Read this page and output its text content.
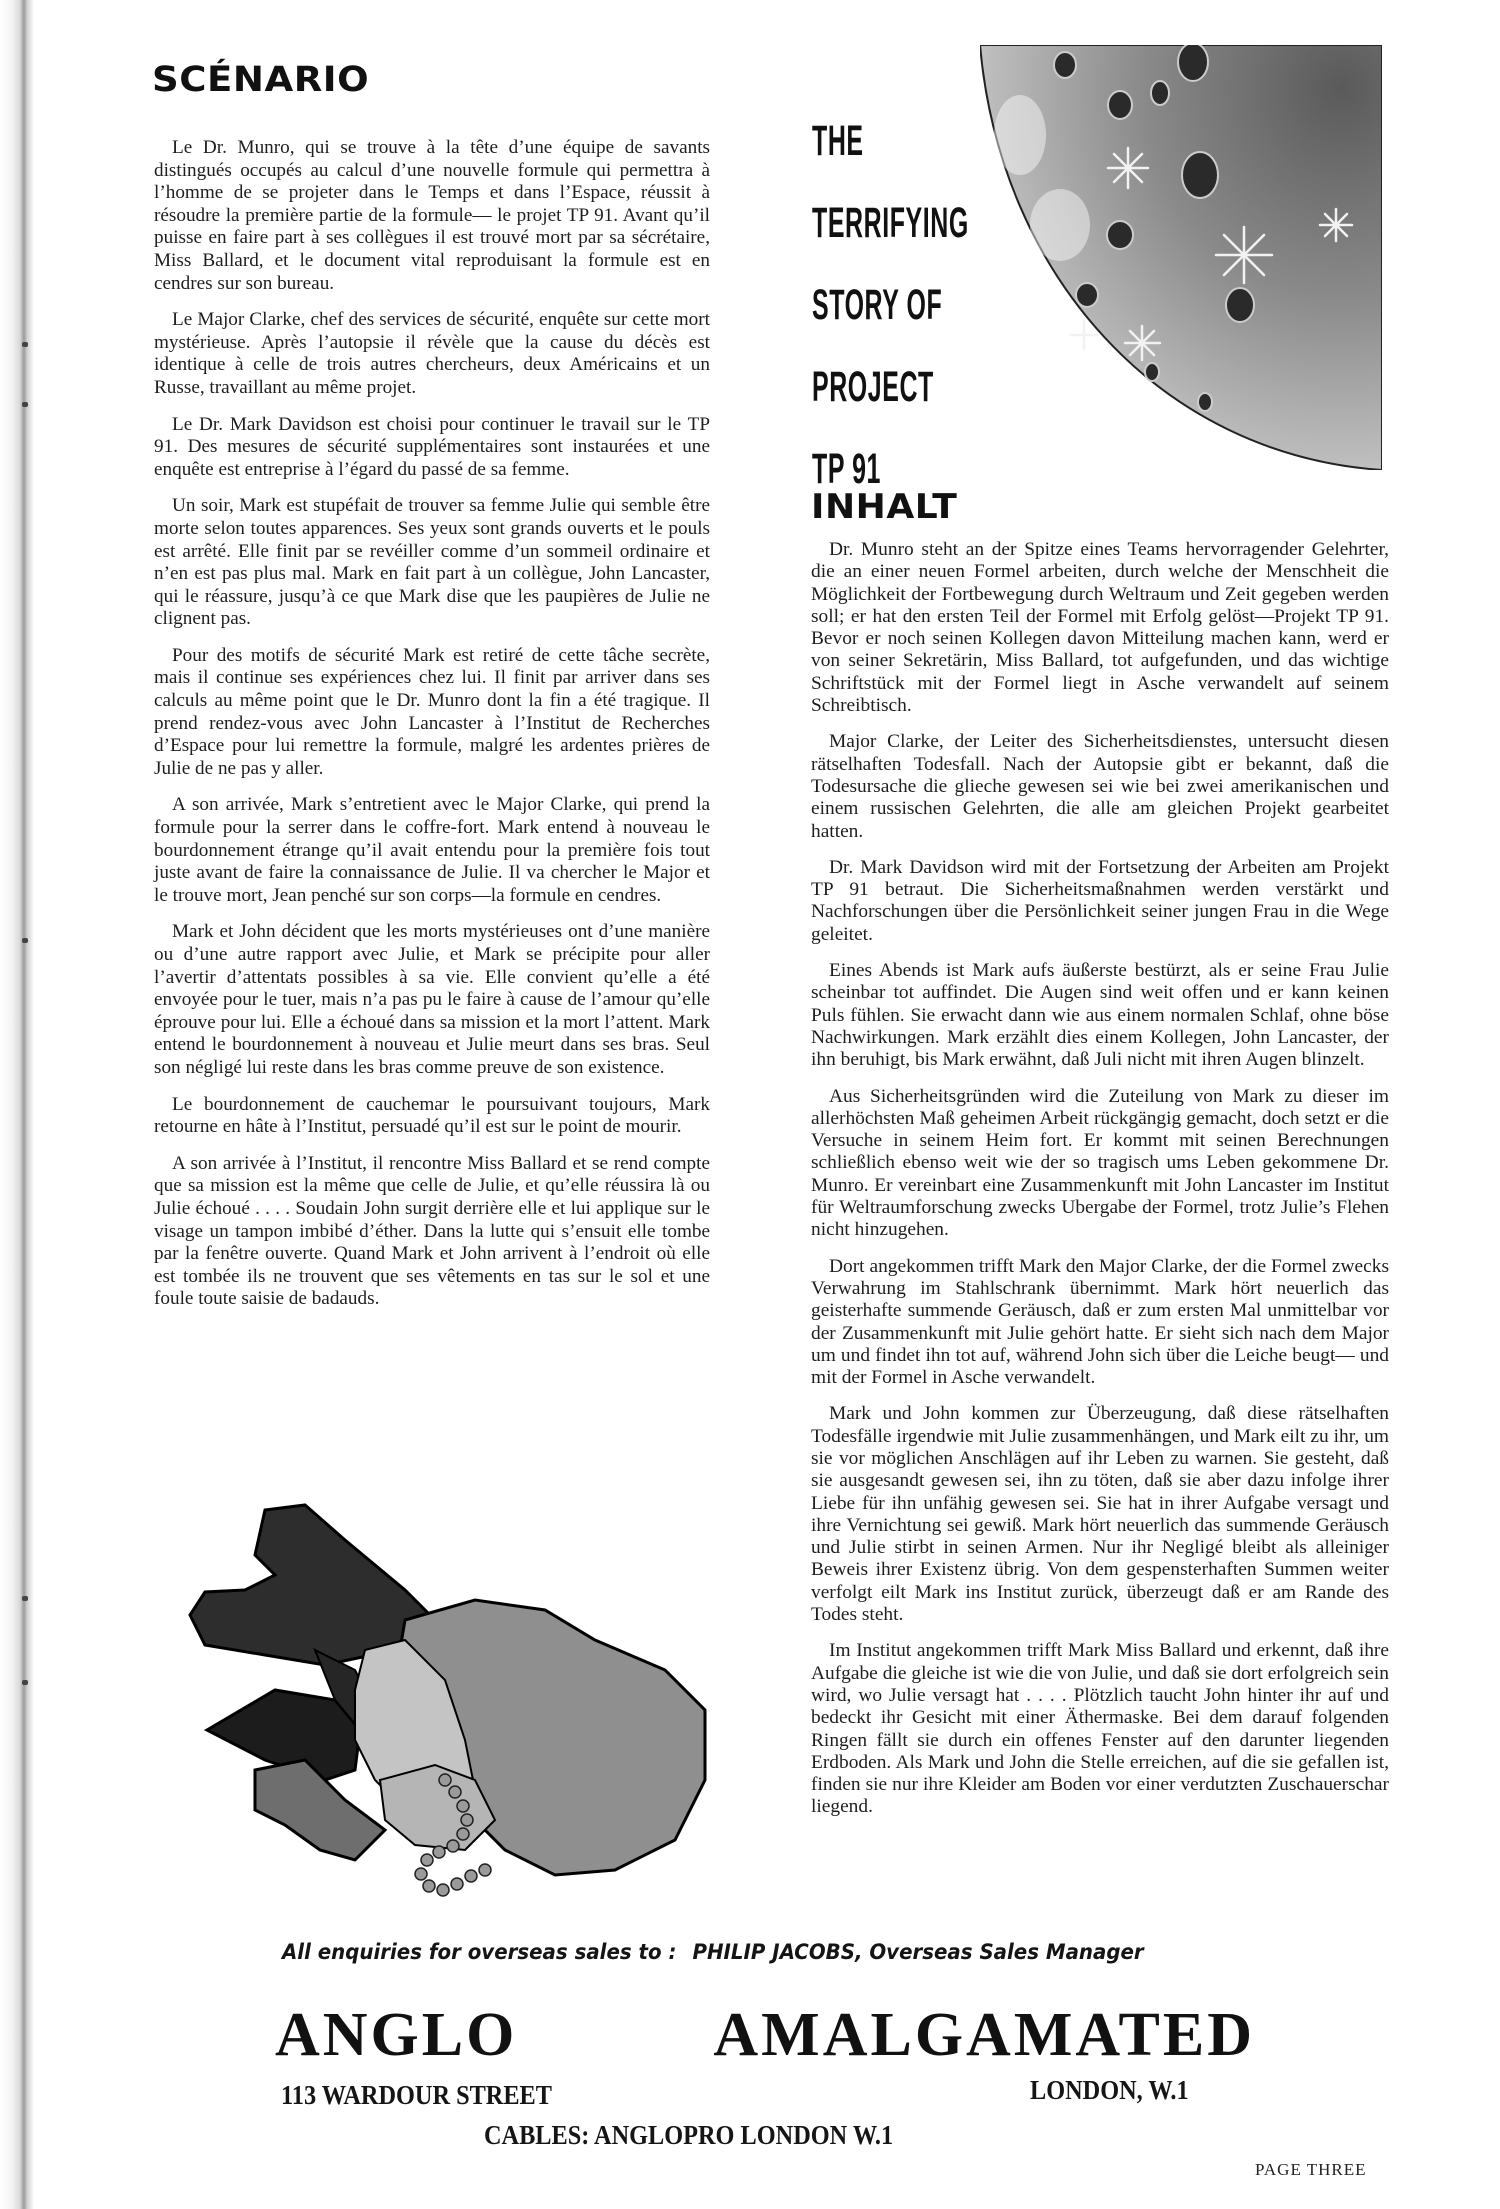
SCÉNARIO

Le Dr. Munro, qui se trouve à la tête d’une équipe de savants distingués occupés au calcul d’une nouvelle formule qui permettra à l’homme de se projeter dans le Temps et dans l’Espace, réussit à résoudre la première partie de la formule— le projet TP 91. Avant qu’il puisse en faire part à ses collègues il est trouvé mort par sa sécrétaire, Miss Ballard, et le document vital reproduisant la formule est en cendres sur son bureau.

Le Major Clarke, chef des services de sécurité, enquête sur cette mort mystérieuse. Après l’autopsie il révèle que la cause du décès est identique à celle de trois autres chercheurs, deux Américains et un Russe, travaillant au même projet.

Le Dr. Mark Davidson est choisi pour continuer le travail sur le TP 91. Des mesures de sécurité supplémentaires sont instaurées et une enquête est entreprise à l’égard du passé de sa femme.

Un soir, Mark est stupéfait de trouver sa femme Julie qui semble être morte selon toutes apparences. Ses yeux sont grands ouverts et le pouls est arrêté. Elle finit par se revéiller comme d’un sommeil ordinaire et n’en est pas plus mal. Mark en fait part à un collègue, John Lancaster, qui le réassure, jusqu’à ce que Mark dise que les paupières de Julie ne clignent pas.

Pour des motifs de sécurité Mark est retiré de cette tâche secrète, mais il continue ses expériences chez lui. Il finit par arriver dans ses calculs au même point que le Dr. Munro dont la fin a été tragique. Il prend rendez-vous avec John Lancaster à l’Institut de Recherches d’Espace pour lui remettre la formule, malgré les ardentes prières de Julie de ne pas y aller.

A son arrivée, Mark s’entretient avec le Major Clarke, qui prend la formule pour la serrer dans le coffre-fort. Mark entend à nouveau le bourdonnement étrange qu’il avait entendu pour la première fois tout juste avant de faire la connaissance de Julie. Il va chercher le Major et le trouve mort, Jean penché sur son corps—la formule en cendres.

Mark et John décident que les morts mystérieuses ont d’une manière ou d’une autre rapport avec Julie, et Mark se précipite pour aller l’avertir d’attentats possibles à sa vie. Elle convient qu’elle a été envoyée pour le tuer, mais n’a pas pu le faire à cause de l’amour qu’elle éprouve pour lui. Elle a échoué dans sa mission et la mort l’attent. Mark entend le bourdonnement à nouveau et Julie meurt dans ses bras. Seul son négligé lui reste dans les bras comme preuve de son existence.

Le bourdonnement de cauchemar le poursuivant toujours, Mark retourne en hâte à l’Institut, persuadé qu’il est sur le point de mourir.

A son arrivée à l’Institut, il rencontre Miss Ballard et se rend compte que sa mission est la même que celle de Julie, et qu’elle réussira là ou Julie échoué . . . . Soudain John surgit derrière elle et lui applique sur le visage un tampon imbibé d’éther. Dans la lutte qui s’ensuit elle tombe par la fenêtre ouverte. Quand Mark et John arrivent à l’endroit où elle est tombée ils ne trouvent que ses vêtements en tas sur le sol et une foule toute saisie de badauds.

THE
TERRIFYING
STORY OF
PROJECT
TP 91
INHALT

Dr. Munro steht an der Spitze eines Teams hervorragender Gelehrter, die an einer neuen Formel arbeiten, durch welche der Menschheit die Möglichkeit der Fortbewegung durch Weltraum und Zeit gegeben werden soll; er hat den ersten Teil der Formel mit Erfolg gelöst—Projekt TP 91. Bevor er noch seinen Kollegen davon Mitteilung machen kann, werd er von seiner Sekretärin, Miss Ballard, tot aufgefunden, und das wichtige Schriftstück mit der Formel liegt in Asche verwandelt auf seinem Schreibtisch.

Major Clarke, der Leiter des Sicherheitsdienstes, untersucht diesen rätselhaften Todesfall. Nach der Autopsie gibt er bekannt, daß die Todesursache die glieche gewesen sei wie bei zwei amerikanischen und einem russischen Gelehrten, die alle am gleichen Projekt gearbeitet hatten.

Dr. Mark Davidson wird mit der Fortsetzung der Arbeiten am Projekt TP 91 betraut. Die Sicherheitsmaßnahmen werden verstärkt und Nachforschungen über die Persönlichkeit seiner jungen Frau in die Wege geleitet.

Eines Abends ist Mark aufs äußerste bestürzt, als er seine Frau Julie scheinbar tot auffindet. Die Augen sind weit offen und er kann keinen Puls fühlen. Sie erwacht dann wie aus einem normalen Schlaf, ohne böse Nachwirkungen. Mark erzählt dies einem Kollegen, John Lancaster, der ihn beruhigt, bis Mark erwähnt, daß Juli nicht mit ihren Augen blinzelt.

Aus Sicherheitsgründen wird die Zuteilung von Mark zu dieser im allerhöchsten Maß geheimen Arbeit rückgängig gemacht, doch setzt er die Versuche in seinem Heim fort. Er kommt mit seinen Berechnungen schließlich ebenso weit wie der so tragisch ums Leben gekommene Dr. Munro. Er vereinbart eine Zusammenkunft mit John Lancaster im Institut für Weltraumforschung zwecks Ubergabe der Formel, trotz Julie’s Flehen nicht hinzugehen.

Dort angekommen trifft Mark den Major Clarke, der die Formel zwecks Verwahrung im Stahlschrank übernimmt. Mark hört neuerlich das geisterhafte summende Geräusch, daß er zum ersten Mal unmittelbar vor der Zusammenkunft mit Julie gehört hatte. Er sieht sich nach dem Major um und findet ihn tot auf, während John sich über die Leiche beugt— und mit der Formel in Asche verwandelt.

Mark und John kommen zur Überzeugung, daß diese rätselhaften Todesfälle irgendwie mit Julie zusammenhängen, und Mark eilt zu ihr, um sie vor möglichen Anschlägen auf ihr Leben zu warnen. Sie gesteht, daß sie ausgesandt gewesen sei, ihn zu töten, daß sie aber dazu infolge ihrer Liebe für ihn unfähig gewesen sei. Sie hat in ihrer Aufgabe versagt und ihre Vernichtung sei gewiß. Mark hört neuerlich das summende Geräusch und Julie stirbt in seinen Armen. Nur ihr Negligé bleibt als alleiniger Beweis ihrer Existenz übrig. Von dem gespensterhaften Summen weiter verfolgt eilt Mark ins Institut zurück, überzeugt daß er am Rande des Todes steht.

Im Institut angekommen trifft Mark Miss Ballard und erkennt, daß ihre Aufgabe die gleiche ist wie die von Julie, und daß sie dort erfolgreich sein wird, wo Julie versagt hat . . . . Plötzlich taucht John hinter ihr auf und bedeckt ihr Gesicht mit einer Äthermaske. Bei dem darauf folgenden Ringen fällt sie durch ein offenes Fenster auf den darunter liegenden Erdboden. Als Mark und John die Stelle erreichen, auf die sie gefallen ist, finden sie nur ihre Kleider am Boden vor einer verdutzten Zuschauerschar liegend.

All enquiries for overseas sales to : PHILIP JACOBS, Overseas Sales Manager
ANGLO	AMALGAMATED
113 WARDOUR STREET	LONDON, W.1
CABLES: ANGLOPRO LONDON W.1
PAGE THREE
